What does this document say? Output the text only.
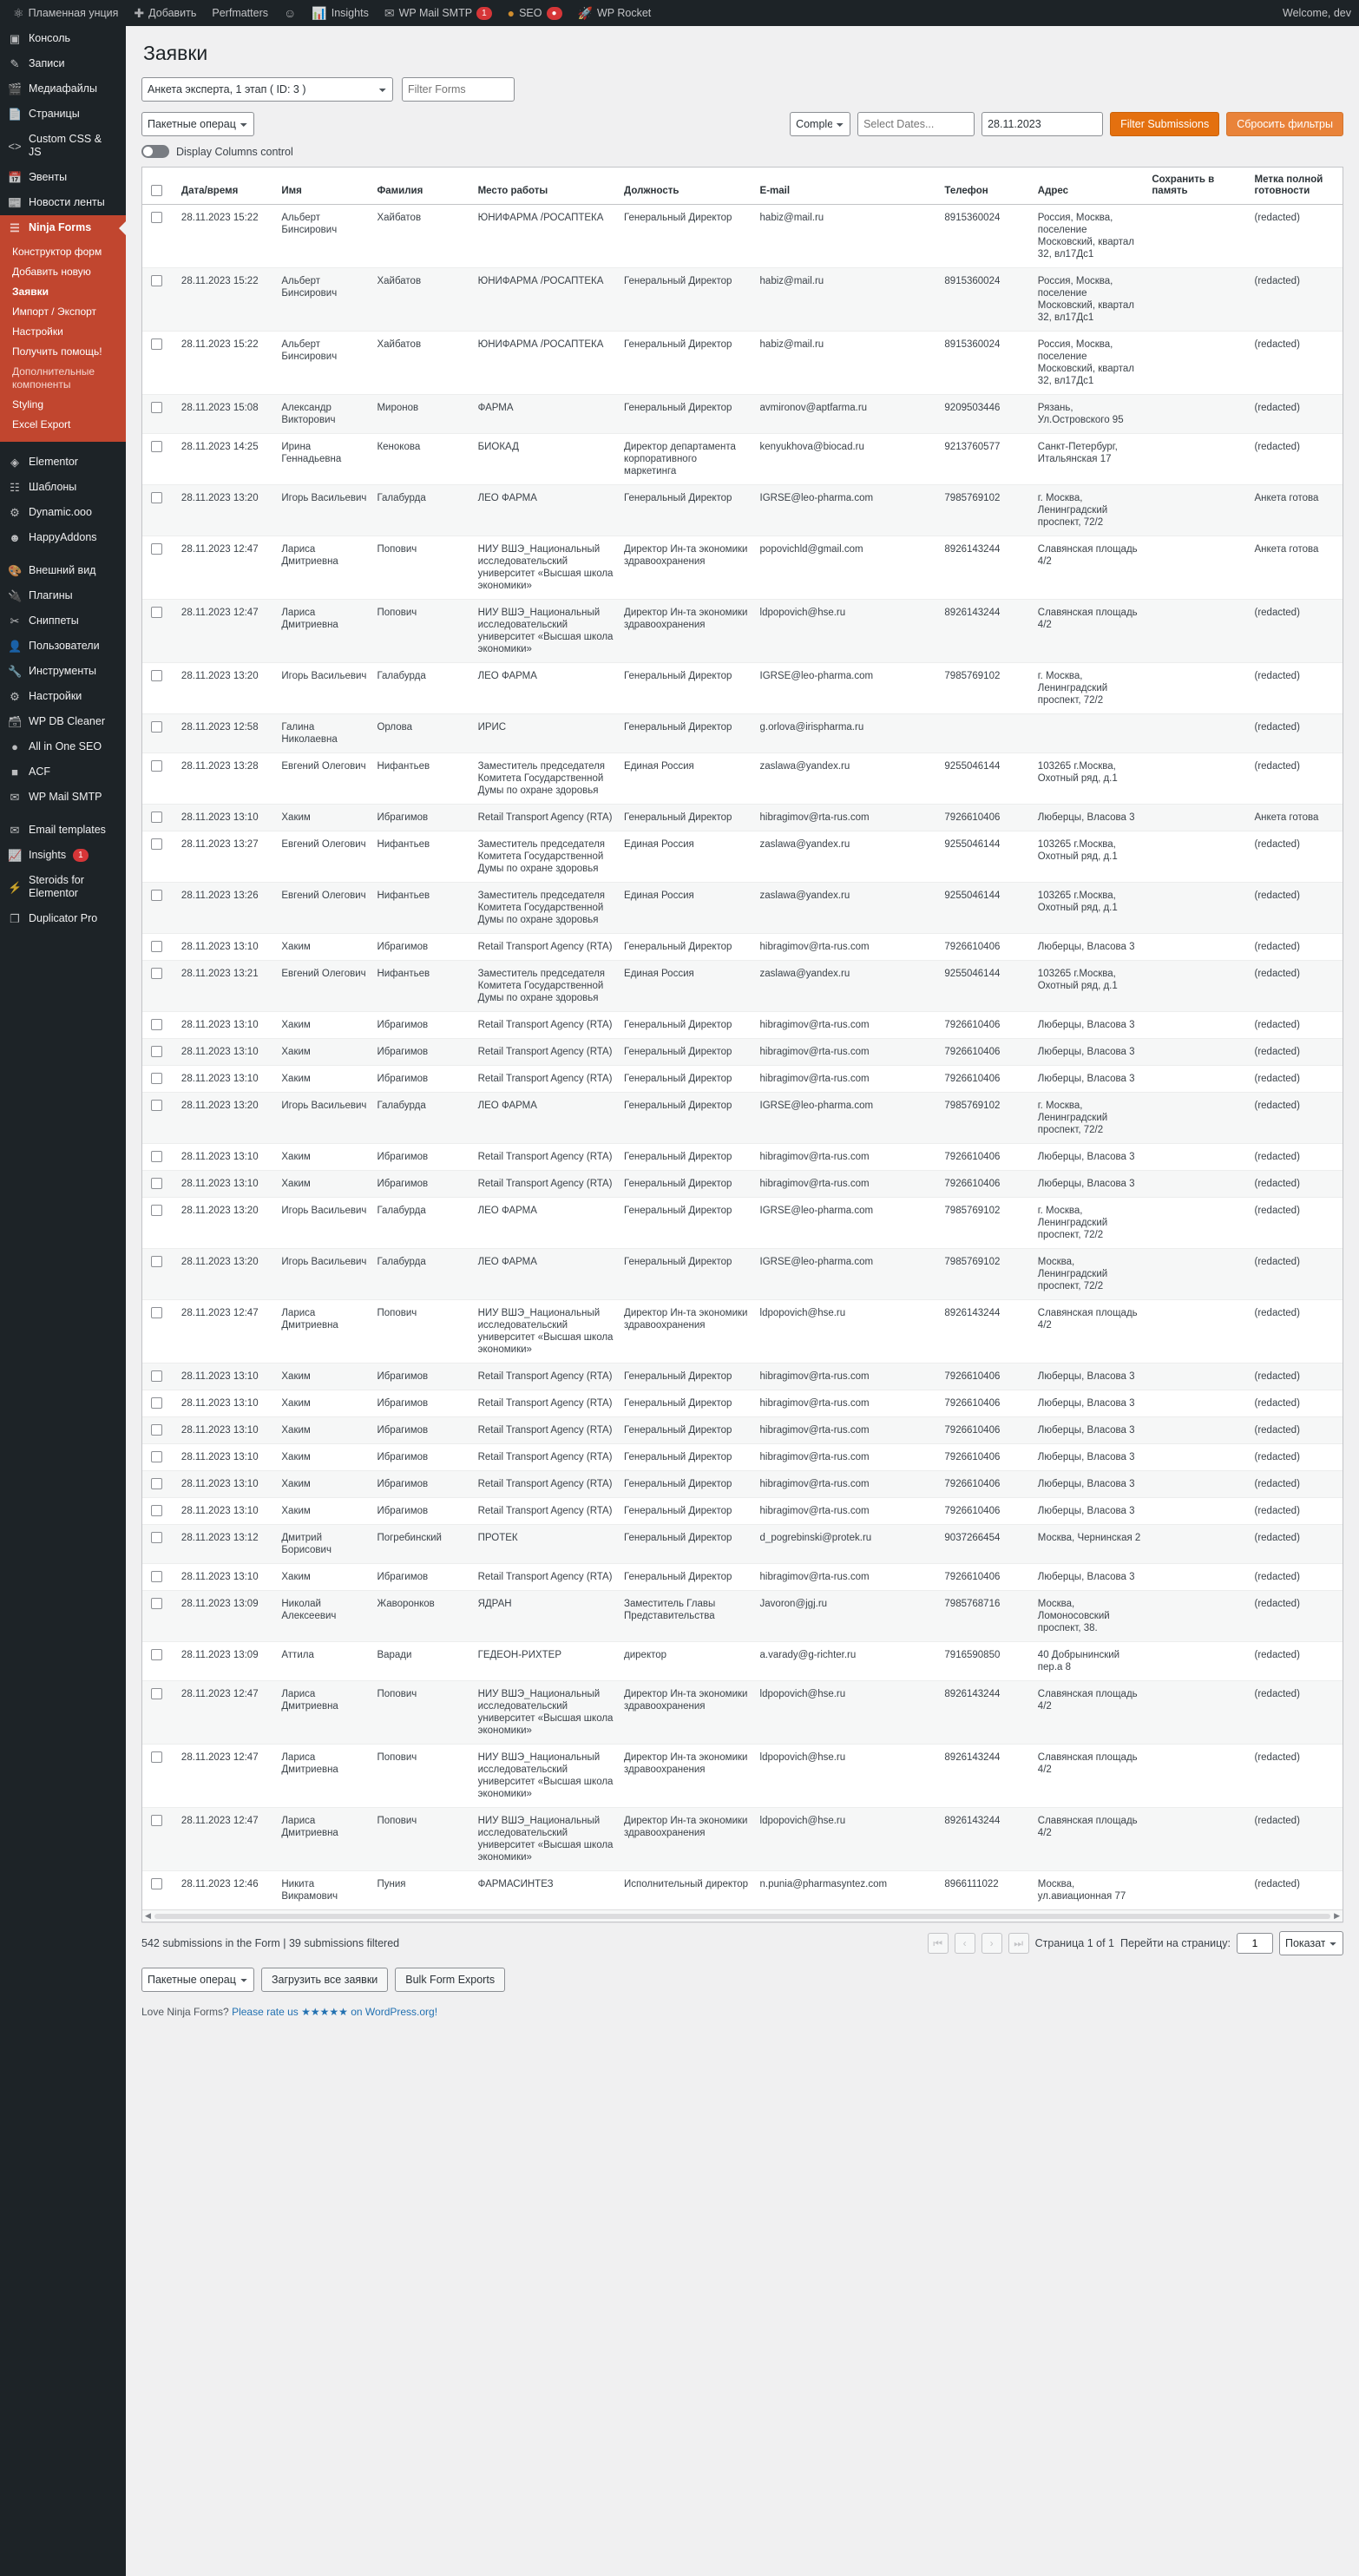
⚛ Пламенная унция ✚ Добавить Perfmatters ☺ 📊 Insights ✉ WP Mail SMTP	1	● SEO	●	🚀 WP Rocket	Welcome, dev
▣ Консоль
✎ Записи
🎬 Медиафайлы
📄 Страницы
<>
Custom CSS & JS
📅 Эвенты
📰 Новости ленты
☰ Ninja Forms
Конструктор форм
Добавить новую
Заявки
Импорт / Экспорт
Настройки
Получить помощь!
Дополнительные компоненты
Styling
Excel Export
◈ Elementor
☷ Шаблоны
⚙ Dynamic.ooo
☻ HappyAddons
🎨 Внешний вид
🔌 Плагины
✂ Сниппеты
👤 Пользователи
🔧 Инструменты
⚙ Настройки
🗃 WP DB Cleaner
● All in One SEO
■ ACF
✉ WP Mail SMTP
✉ Email templates
📈 Insights	1
⚡
Steroids for Elementor
❐ Duplicator Pro
Заявки
Анкета эксперта, 1 этап ( ID: 3 )
Filter Forms
Пакетные операции
Completed
Select Dates...
28.11.2023
Filter Submissions	Сбросить фильтры
Display Columns control
	Дата/время	Имя	Фамилия	Место работы	Должность	E-mail	Телефон	Адрес	Сохранить в память	Метка полной готовности
	28.11.2023 15:22	Альберт Бинсирович	Хайбатов	ЮНИФАРМА /РОСАПТЕКА	Генеральный Директор	habiz@mail.ru	8915360024	Россия, Москва, поселение Московский, квартал 32, вл17Дс1		(redacted)
	28.11.2023 15:22	Альберт Бинсирович	Хайбатов	ЮНИФАРМА /РОСАПТЕКА	Генеральный Директор	habiz@mail.ru	8915360024	Россия, Москва, поселение Московский, квартал 32, вл17Дс1		(redacted)
	28.11.2023 15:22	Альберт Бинсирович	Хайбатов	ЮНИФАРМА /РОСАПТЕКА	Генеральный Директор	habiz@mail.ru	8915360024	Россия, Москва, поселение Московский, квартал 32, вл17Дс1		(redacted)
	28.11.2023 15:08	Александр Викторович	Миронов	ФАРМА	Генеральный Директор	avmironov@aptfarma.ru	9209503446	Рязань, Ул.Островского 95		(redacted)
	28.11.2023 14:25	Ирина Геннадьевна	Кенокова	БИОКАД	Директор департамента корпоративного маркетинга	kenyukhova@biocad.ru	9213760577	Санкт-Петербург, Итальянская 17		(redacted)
	28.11.2023 13:20	Игорь Васильевич	Галабурда	ЛЕО ФАРМА	Генеральный Директор	IGRSE@leo-pharma.com	7985769102	г. Москва, Ленинградский проспект, 72/2		Анкета готова
	28.11.2023 12:47	Лариса Дмитриевна	Попович	НИУ ВШЭ_Национальный исследовательский университет «Высшая школа экономики»	Директор Ин-та экономики здравоохранения	popovichld@gmail.com	8926143244	Славянская площадь 4/2		Анкета готова
	28.11.2023 12:47	Лариса Дмитриевна	Попович	НИУ ВШЭ_Национальный исследовательский университет «Высшая школа экономики»	Директор Ин-та экономики здравоохранения	ldpopovich@hse.ru	8926143244	Славянская площадь 4/2		(redacted)
	28.11.2023 13:20	Игорь Васильевич	Галабурда	ЛЕО ФАРМА	Генеральный Директор	IGRSE@leo-pharma.com	7985769102	г. Москва, Ленинградский проспект, 72/2		(redacted)
	28.11.2023 12:58	Галина Николаевна	Орлова	ИРИС	Генеральный Директор	g.orlova@irispharma.ru				(redacted)
	28.11.2023 13:28	Евгений Олегович	Нифантьев	Заместитель председателя Комитета Государственной Думы по охране здоровья	Единая Россия	zaslawa@yandex.ru	9255046144	103265 г.Москва, Охотный ряд, д.1		(redacted)
	28.11.2023 13:10	Хаким	Ибрагимов	Retail Transport Agency (RTA)	Генеральный Директор	hibragimov@rta-rus.com	7926610406	Люберцы, Власова 3		Анкета готова
	28.11.2023 13:27	Евгений Олегович	Нифантьев	Заместитель председателя Комитета Государственной Думы по охране здоровья	Единая Россия	zaslawa@yandex.ru	9255046144	103265 г.Москва, Охотный ряд, д.1		(redacted)
	28.11.2023 13:26	Евгений Олегович	Нифантьев	Заместитель председателя Комитета Государственной Думы по охране здоровья	Единая Россия	zaslawa@yandex.ru	9255046144	103265 г.Москва, Охотный ряд, д.1		(redacted)
	28.11.2023 13:10	Хаким	Ибрагимов	Retail Transport Agency (RTA)	Генеральный Директор	hibragimov@rta-rus.com	7926610406	Люберцы, Власова 3		(redacted)
	28.11.2023 13:21	Евгений Олегович	Нифантьев	Заместитель председателя Комитета Государственной Думы по охране здоровья	Единая Россия	zaslawa@yandex.ru	9255046144	103265 г.Москва, Охотный ряд, д.1		(redacted)
	28.11.2023 13:10	Хаким	Ибрагимов	Retail Transport Agency (RTA)	Генеральный Директор	hibragimov@rta-rus.com	7926610406	Люберцы, Власова 3		(redacted)
	28.11.2023 13:10	Хаким	Ибрагимов	Retail Transport Agency (RTA)	Генеральный Директор	hibragimov@rta-rus.com	7926610406	Люберцы, Власова 3		(redacted)
	28.11.2023 13:10	Хаким	Ибрагимов	Retail Transport Agency (RTA)	Генеральный Директор	hibragimov@rta-rus.com	7926610406	Люберцы, Власова 3		(redacted)
	28.11.2023 13:20	Игорь Васильевич	Галабурда	ЛЕО ФАРМА	Генеральный Директор	IGRSE@leo-pharma.com	7985769102	г. Москва, Ленинградский проспект, 72/2		(redacted)
	28.11.2023 13:10	Хаким	Ибрагимов	Retail Transport Agency (RTA)	Генеральный Директор	hibragimov@rta-rus.com	7926610406	Люберцы, Власова 3		(redacted)
	28.11.2023 13:10	Хаким	Ибрагимов	Retail Transport Agency (RTA)	Генеральный Директор	hibragimov@rta-rus.com	7926610406	Люберцы, Власова 3		(redacted)
	28.11.2023 13:20	Игорь Васильевич	Галабурда	ЛЕО ФАРМА	Генеральный Директор	IGRSE@leo-pharma.com	7985769102	г. Москва, Ленинградский проспект, 72/2		(redacted)
	28.11.2023 13:20	Игорь Васильевич	Галабурда	ЛЕО ФАРМА	Генеральный Директор	IGRSE@leo-pharma.com	7985769102	Москва, Ленинградский проспект, 72/2		(redacted)
	28.11.2023 12:47	Лариса Дмитриевна	Попович	НИУ ВШЭ_Национальный исследовательский университет «Высшая школа экономики»	Директор Ин-та экономики здравоохранения	ldpopovich@hse.ru	8926143244	Славянская площадь 4/2		(redacted)
	28.11.2023 13:10	Хаким	Ибрагимов	Retail Transport Agency (RTA)	Генеральный Директор	hibragimov@rta-rus.com	7926610406	Люберцы, Власова 3		(redacted)
	28.11.2023 13:10	Хаким	Ибрагимов	Retail Transport Agency (RTA)	Генеральный Директор	hibragimov@rta-rus.com	7926610406	Люберцы, Власова 3		(redacted)
	28.11.2023 13:10	Хаким	Ибрагимов	Retail Transport Agency (RTA)	Генеральный Директор	hibragimov@rta-rus.com	7926610406	Люберцы, Власова 3		(redacted)
	28.11.2023 13:10	Хаким	Ибрагимов	Retail Transport Agency (RTA)	Генеральный Директор	hibragimov@rta-rus.com	7926610406	Люберцы, Власова 3		(redacted)
	28.11.2023 13:10	Хаким	Ибрагимов	Retail Transport Agency (RTA)	Генеральный Директор	hibragimov@rta-rus.com	7926610406	Люберцы, Власова 3		(redacted)
	28.11.2023 13:10	Хаким	Ибрагимов	Retail Transport Agency (RTA)	Генеральный Директор	hibragimov@rta-rus.com	7926610406	Люберцы, Власова 3		(redacted)
	28.11.2023 13:12	Дмитрий Борисович	Погребинский	ПРОТЕК	Генеральный Директор	d_pogrebinski@protek.ru	9037266454	Москва, Чернинская 2		(redacted)
	28.11.2023 13:10	Хаким	Ибрагимов	Retail Transport Agency (RTA)	Генеральный Директор	hibragimov@rta-rus.com	7926610406	Люберцы, Власова 3		(redacted)
	28.11.2023 13:09	Николай Алексеевич	Жаворонков	ЯДРАН	Заместитель Главы Представительства	Javoron@jgj.ru	7985768716	Москва, Ломоносовский проспект, 38.		(redacted)
	28.11.2023 13:09	Аттила	Варади	ГЕДЕОН-РИХТЕР	директор	a.varady@g-richter.ru	7916590850	40 Добрынинский пер.а 8		(redacted)
	28.11.2023 12:47	Лариса Дмитриевна	Попович	НИУ ВШЭ_Национальный исследовательский университет «Высшая школа экономики»	Директор Ин-та экономики здравоохранения	ldpopovich@hse.ru	8926143244	Славянская площадь 4/2		(redacted)
	28.11.2023 12:47	Лариса Дмитриевна	Попович	НИУ ВШЭ_Национальный исследовательский университет «Высшая школа экономики»	Директор Ин-та экономики здравоохранения	ldpopovich@hse.ru	8926143244	Славянская площадь 4/2		(redacted)
	28.11.2023 12:47	Лариса Дмитриевна	Попович	НИУ ВШЭ_Национальный исследовательский университет «Высшая школа экономики»	Директор Ин-та экономики здравоохранения	ldpopovich@hse.ru	8926143244	Славянская площадь 4/2		(redacted)
	28.11.2023 12:46	Никита Викрамович	Пуния	ФАРМАСИНТЕЗ	Исполнительный директор	n.punia@pharmasyntez.com	8966111022	Москва, ул.авиационная 77		(redacted)
◀	▶
542 submissions in the Form | 39 submissions filtered	⏮	‹	›	⏭	Страница 1 of 1 Перейти на страницу:
1
Показать 50
Пакетные операции
Загрузить все заявки	Bulk Form Exports
Love Ninja Forms? Please rate us ★★★★★ on WordPress.org!
